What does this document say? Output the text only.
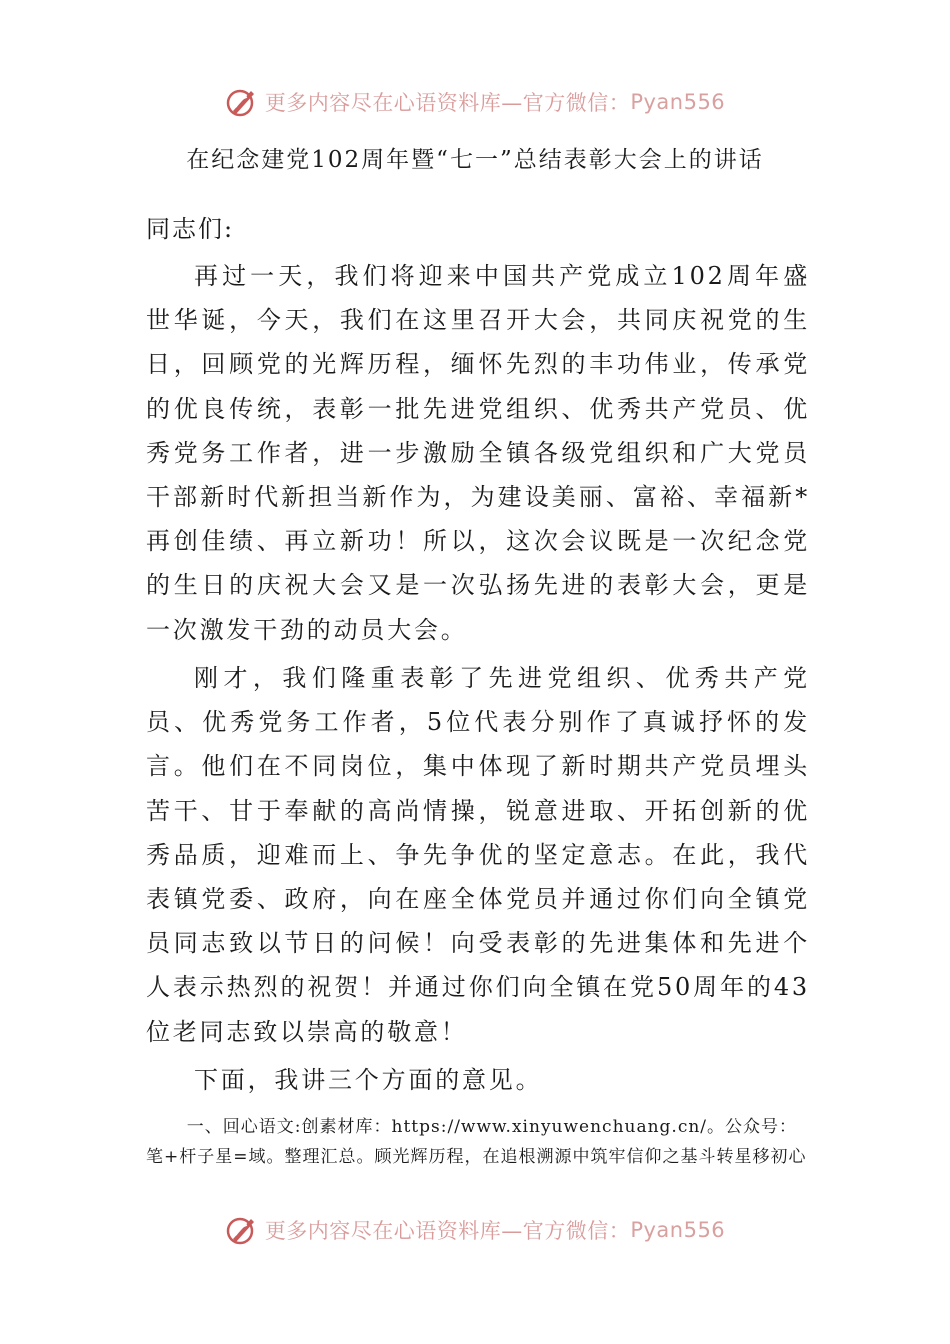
更多内容尽在心语资料库—官方微信： Pyan556
在纪念建党102周年暨“七一”总结表彰大会上的讲话
同志们:

再过一天，我们将迎来中国共产党成立102周年盛世华诞，今天，我们在这里召开大会，共同庆祝党的生日，回顾党的光辉历程，缅怀先烈的丰功伟业，传承党的优良传统，表彰一批先进党组织、优秀共产党员、优秀党务工作者，进一步激励全镇各级党组织和广大党员干部新时代新担当新作为，为建设美丽、富裕、幸福新*再创佳绩、再立新功！所以，这次会议既是一次纪念党的生日的庆祝大会又是一次弘扬先进的表彰大会，更是一次激发干劲的动员大会。

刚才，我们隆重表彰了先进党组织、优秀共产党员、优秀党务工作者，5位代表分别作了真诚抒怀的发言。他们在不同岗位，集中体现了新时期共产党员埋头苦干、甘于奉献的高尚情操，锐意进取、开拓创新的优秀品质，迎难而上、争先争优的坚定意志。在此，我代表镇党委、政府，向在座全体党员并通过你们向全镇党员同志致以节日的问候！向受表彰的先进集体和先进个人表示热烈的祝贺！并通过你们向全镇在党50周年的43位老同志致以崇高的敬意！

下面，我讲三个方面的意见。

一、回心语文:创素材库：https://www.xinyuwenchuang.cn/。公众号：笔+杆子星=域。整理汇总。顾光辉历程，在追根溯源中筑牢信仰之基斗转星移初心

更多内容尽在心语资料库—官方微信： Pyan556
